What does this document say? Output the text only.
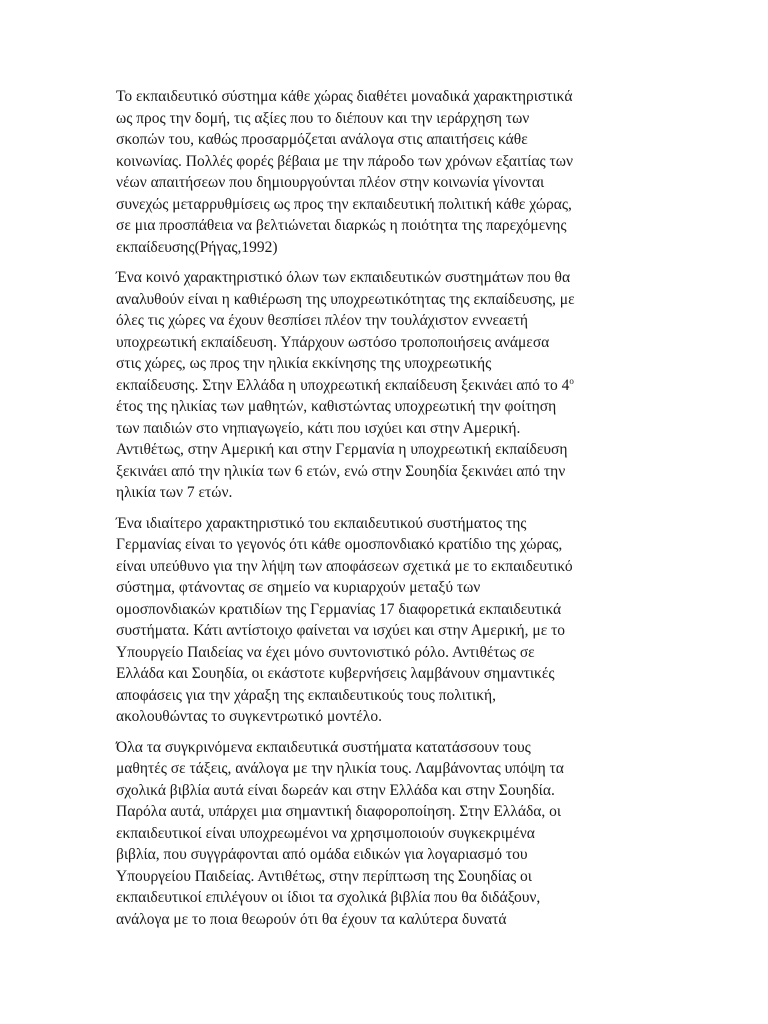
Το εκπαιδευτικό σύστημα κάθε χώρας διαθέτει μοναδικά χαρακτηριστικά
ως προς την δομή, τις αξίες που το διέπουν και την ιεράρχηση των
σκοπών του, καθώς προσαρμόζεται ανάλογα στις απαιτήσεις κάθε
κοινωνίας. Πολλές φορές βέβαια με την πάροδο των χρόνων εξαιτίας των
νέων απαιτήσεων που δημιουργούνται πλέον στην κοινωνία γίνονται
συνεχώς μεταρρυθμίσεις ως προς την εκπαιδευτική πολιτική κάθε χώρας,
σε μια προσπάθεια να βελτιώνεται διαρκώς η ποιότητα της παρεχόμενης
εκπαίδευσης(Ρήγας,1992)

Ένα κοινό χαρακτηριστικό όλων των εκπαιδευτικών συστημάτων που θα
αναλυθούν είναι η καθιέρωση της υποχρεωτικότητας της εκπαίδευσης, με
όλες τις χώρες να έχουν θεσπίσει πλέον την τουλάχιστον εννεαετή
υποχρεωτική εκπαίδευση. Υπάρχουν ωστόσο τροποποιήσεις ανάμεσα
στις χώρες, ως προς την ηλικία εκκίνησης της υποχρεωτικής
εκπαίδευσης. Στην Ελλάδα η υποχρεωτική εκπαίδευση ξεκινάει από το $4^o$
έτος της ηλικίας των μαθητών, καθιστώντας υποχρεωτική την φοίτηση
των παιδιών στο νηπιαγωγείο, κάτι που ισχύει και στην Αμερική.
Αντιθέτως, στην Αμερική και στην Γερμανία η υποχρεωτική εκπαίδευση
ξεκινάει από την ηλικία των 6 ετών, ενώ στην Σουηδία ξεκινάει από την
ηλικία των 7 ετών.

Ένα ιδιαίτερο χαρακτηριστικό του εκπαιδευτικού συστήματος της
Γερμανίας είναι το γεγονός ότι κάθε ομοσπονδιακό κρατίδιο της χώρας,
είναι υπεύθυνο για την λήψη των αποφάσεων σχετικά με το εκπαιδευτικό
σύστημα, φτάνοντας σε σημείο να κυριαρχούν μεταξύ των
ομοσπονδιακών κρατιδίων της Γερμανίας 17 διαφορετικά εκπαιδευτικά
συστήματα. Κάτι αντίστοιχο φαίνεται να ισχύει και στην Αμερική, με το
Υπουργείο Παιδείας να έχει μόνο συντονιστικό ρόλο. Αντιθέτως σε
Ελλάδα και Σουηδία, οι εκάστοτε κυβερνήσεις λαμβάνουν σημαντικές
αποφάσεις για την χάραξη της εκπαιδευτικούς τους πολιτική,
ακολουθώντας το συγκεντρωτικό μοντέλο.

Όλα τα συγκρινόμενα εκπαιδευτικά συστήματα κατατάσσουν τους
μαθητές σε τάξεις, ανάλογα με την ηλικία τους. Λαμβάνοντας υπόψη τα
σχολικά βιβλία αυτά είναι δωρεάν και στην Ελλάδα και στην Σουηδία.
Παρόλα αυτά, υπάρχει μια σημαντική διαφοροποίηση. Στην Ελλάδα, οι
εκπαιδευτικοί είναι υποχρεωμένοι να χρησιμοποιούν συγκεκριμένα
βιβλία, που συγγράφονται από ομάδα ειδικών για λογαριασμό του
Υπουργείου Παιδείας. Αντιθέτως, στην περίπτωση της Σουηδίας οι
εκπαιδευτικοί επιλέγουν οι ίδιοι τα σχολικά βιβλία που θα διδάξουν,
ανάλογα με το ποια θεωρούν ότι θα έχουν τα καλύτερα δυνατά
